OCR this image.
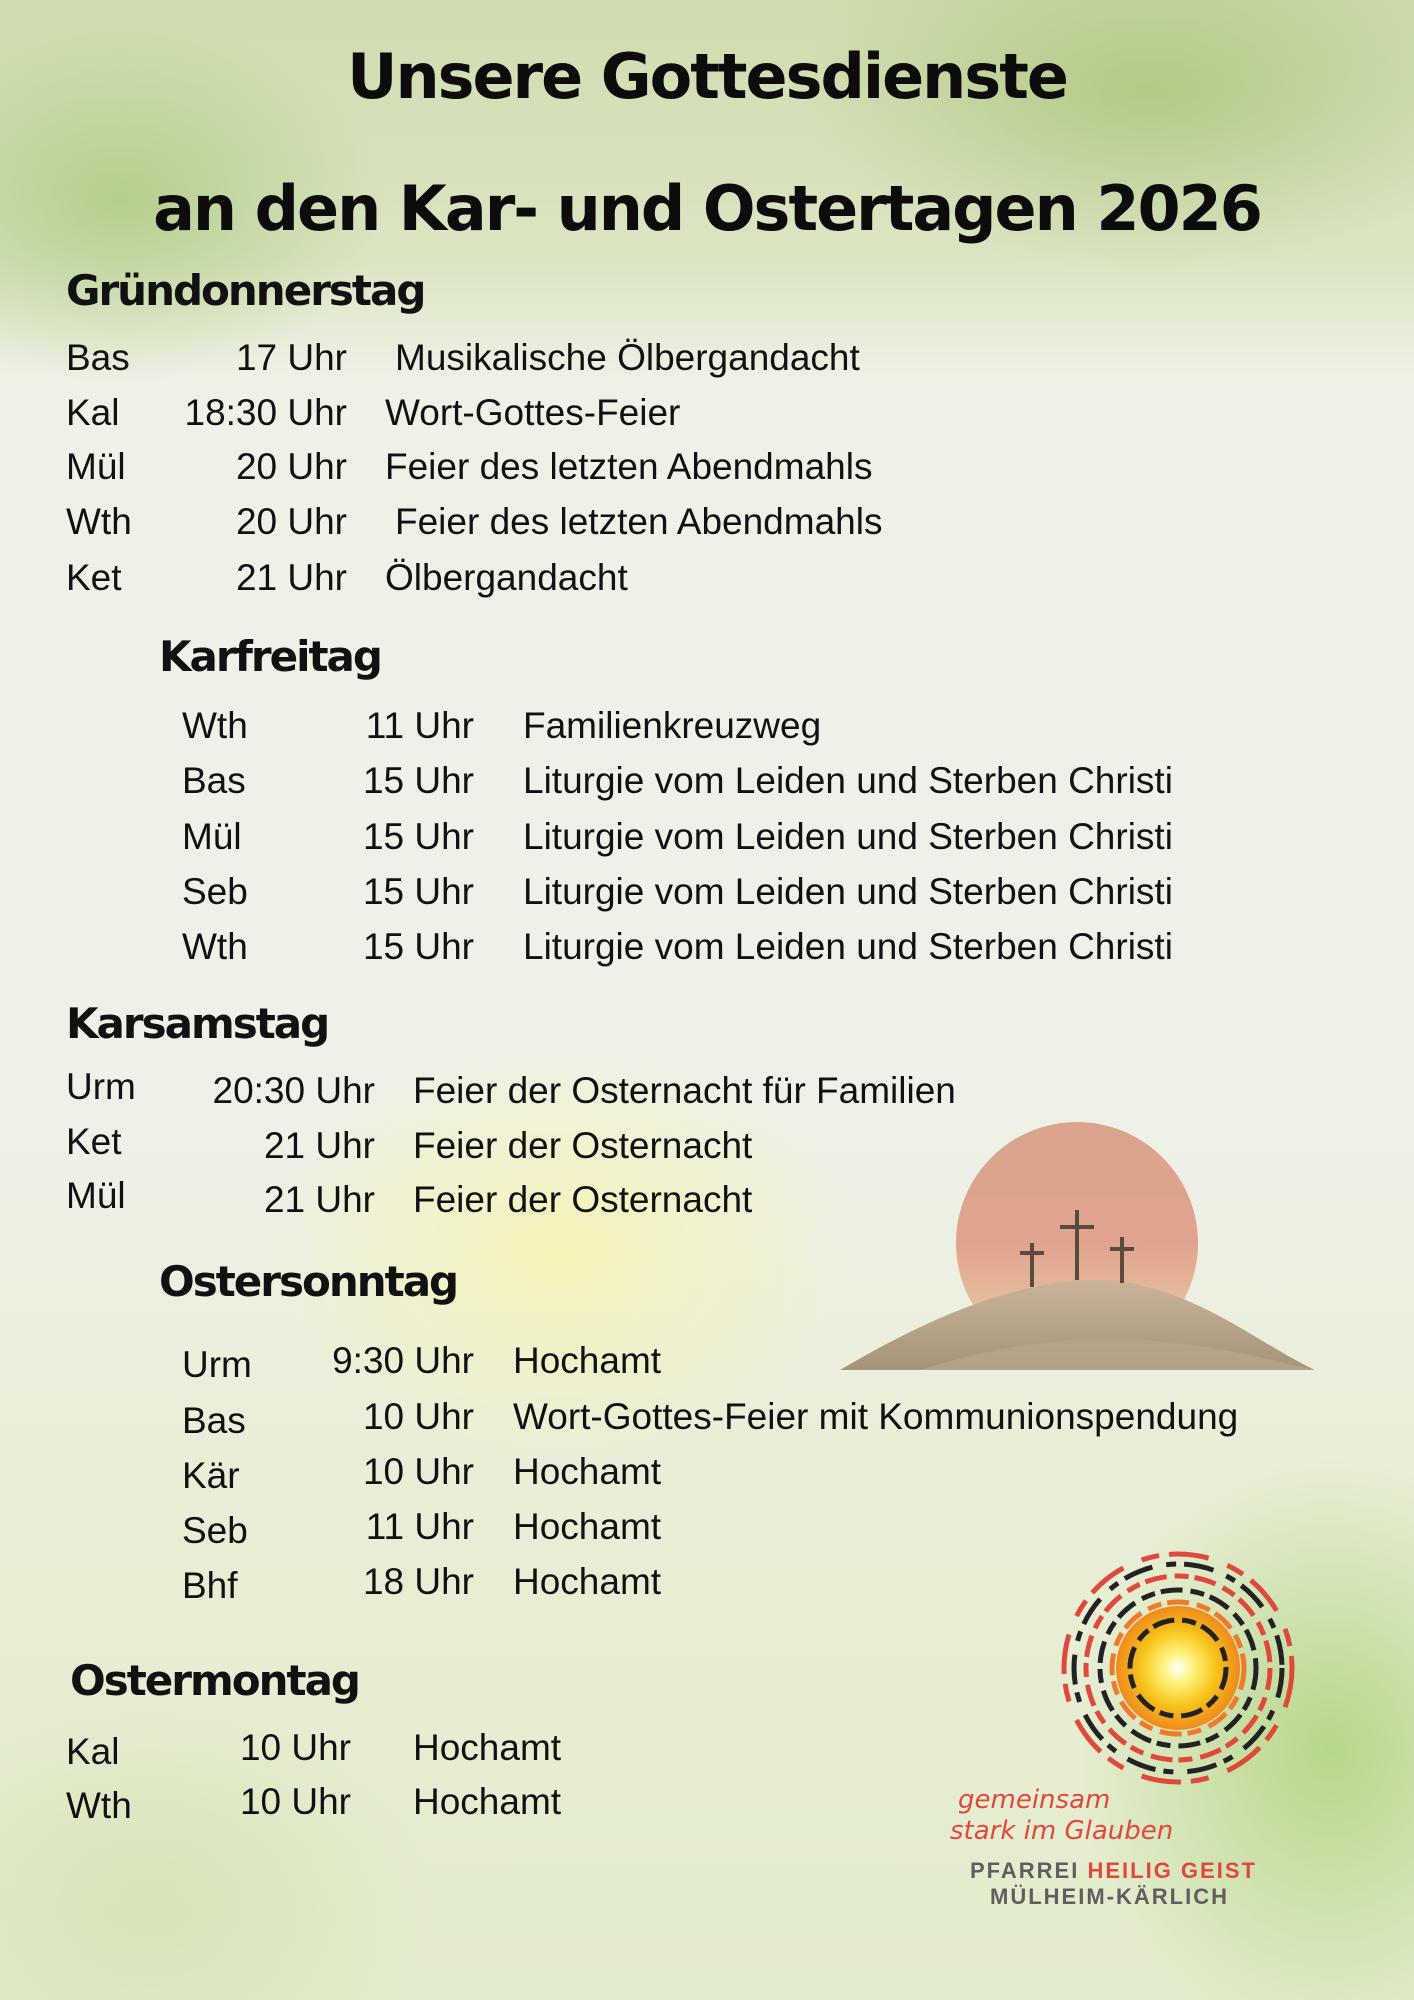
Unsere Gottesdienste
an den Kar- und Ostertagen 2026
Gründonnerstag
Bas	17 Uhr Musikalische Ölbergandacht
Kal 18:30 Uhr Wort-Gottes-Feier
Mül	20 Uhr Feier des letzten Abendmahls
Wth	20 Uhr Feier des letzten Abendmahls
Ket	21 Uhr Ölbergandacht
Karfreitag
Wth	11 Uhr Familienkreuzweg
Bas	15 Uhr Liturgie vom Leiden und Sterben Christi
Mül	15 Uhr Liturgie vom Leiden und Sterben Christi
Seb	15 Uhr Liturgie vom Leiden und Sterben Christi
Wth	15 Uhr Liturgie vom Leiden und Sterben Christi
Karsamstag
Urm 20:30 Uhr Feier der Osternacht für Familien
Ket	21 Uhr Feier der Osternacht
Mül	21 Uhr Feier der Osternacht
Ostersonntag
Urm 9:30 Uhr Hochamt
Bas	10 Uhr Wort-Gottes-Feier mit Kommunionspendung
Kär	10 Uhr Hochamt
Seb	11 Uhr Hochamt
Bhf	18 Uhr Hochamt
Ostermontag
Kal	10 Uhr Hochamt
Wth	10 Uhr Hochamt	gemeinsam
stark im Glauben
PFARREI HEILIG GEIST
MÜLHEIM-KÄRLICH
